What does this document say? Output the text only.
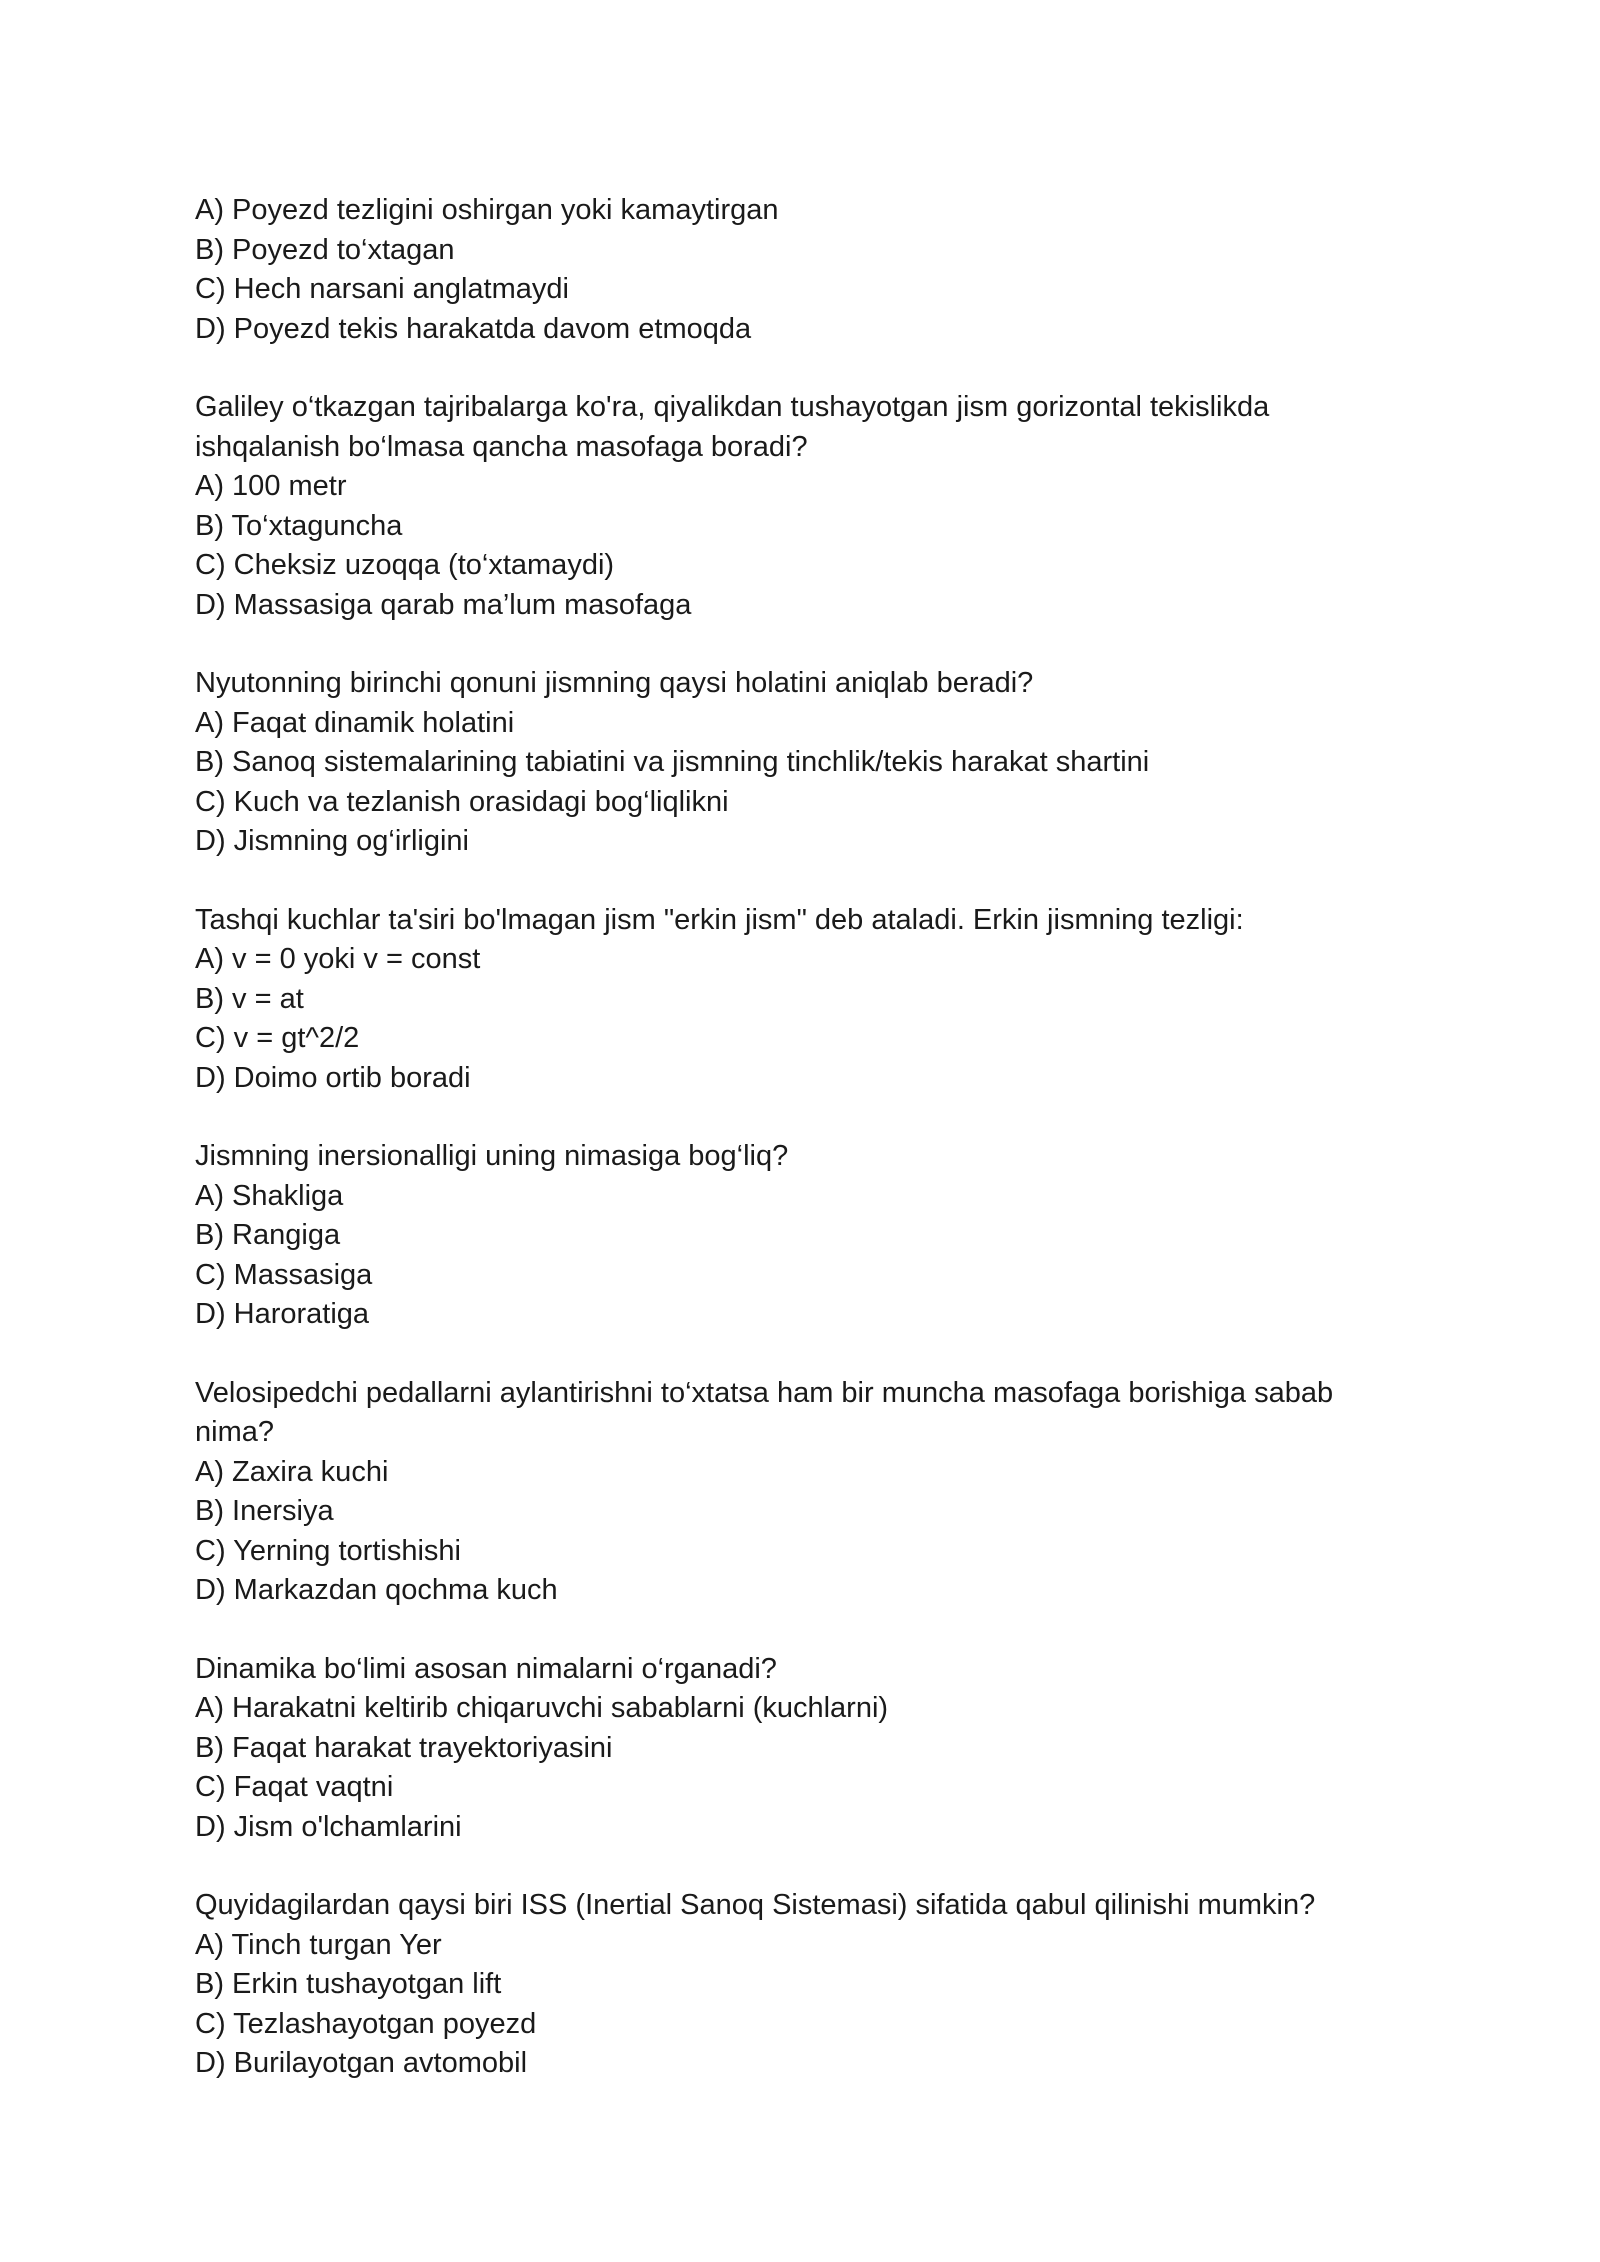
A) Poyezd tezligini oshirgan yoki kamaytirgan
B) Poyezd to‘xtagan
C) Hech narsani anglatmaydi
D) Poyezd tekis harakatda davom etmoqda
Galiley o‘tkazgan tajribalarga ko'ra, qiyalikdan tushayotgan jism gorizontal tekislikda
ishqalanish bo‘lmasa qancha masofaga boradi?
A) 100 metr
B) To‘xtaguncha
C) Cheksiz uzoqqa (to‘xtamaydi)
D) Massasiga qarab ma’lum masofaga
Nyutonning birinchi qonuni jismning qaysi holatini aniqlab beradi?
A) Faqat dinamik holatini
B) Sanoq sistemalarining tabiatini va jismning tinchlik/tekis harakat shartini
C) Kuch va tezlanish orasidagi bog‘liqlikni
D) Jismning og‘irligini
Tashqi kuchlar ta'siri bo'lmagan jism "erkin jism" deb ataladi. Erkin jismning tezligi:
A) v = 0 yoki v = const
B) v = at
C) v = gt^2/2
D) Doimo ortib boradi
Jismning inersionalligi uning nimasiga bog‘liq?
A) Shakliga
B) Rangiga
C) Massasiga
D) Haroratiga
Velosipedchi pedallarni aylantirishni to‘xtatsa ham bir muncha masofaga borishiga sabab
nima?
A) Zaxira kuchi
B) Inersiya
C) Yerning tortishishi
D) Markazdan qochma kuch
Dinamika bo‘limi asosan nimalarni o‘rganadi?
A) Harakatni keltirib chiqaruvchi sabablarni (kuchlarni)
B) Faqat harakat trayektoriyasini
C) Faqat vaqtni
D) Jism o'lchamlarini
Quyidagilardan qaysi biri ISS (Inertial Sanoq Sistemasi) sifatida qabul qilinishi mumkin?
A) Tinch turgan Yer
B) Erkin tushayotgan lift
C) Tezlashayotgan poyezd
D) Burilayotgan avtomobil
